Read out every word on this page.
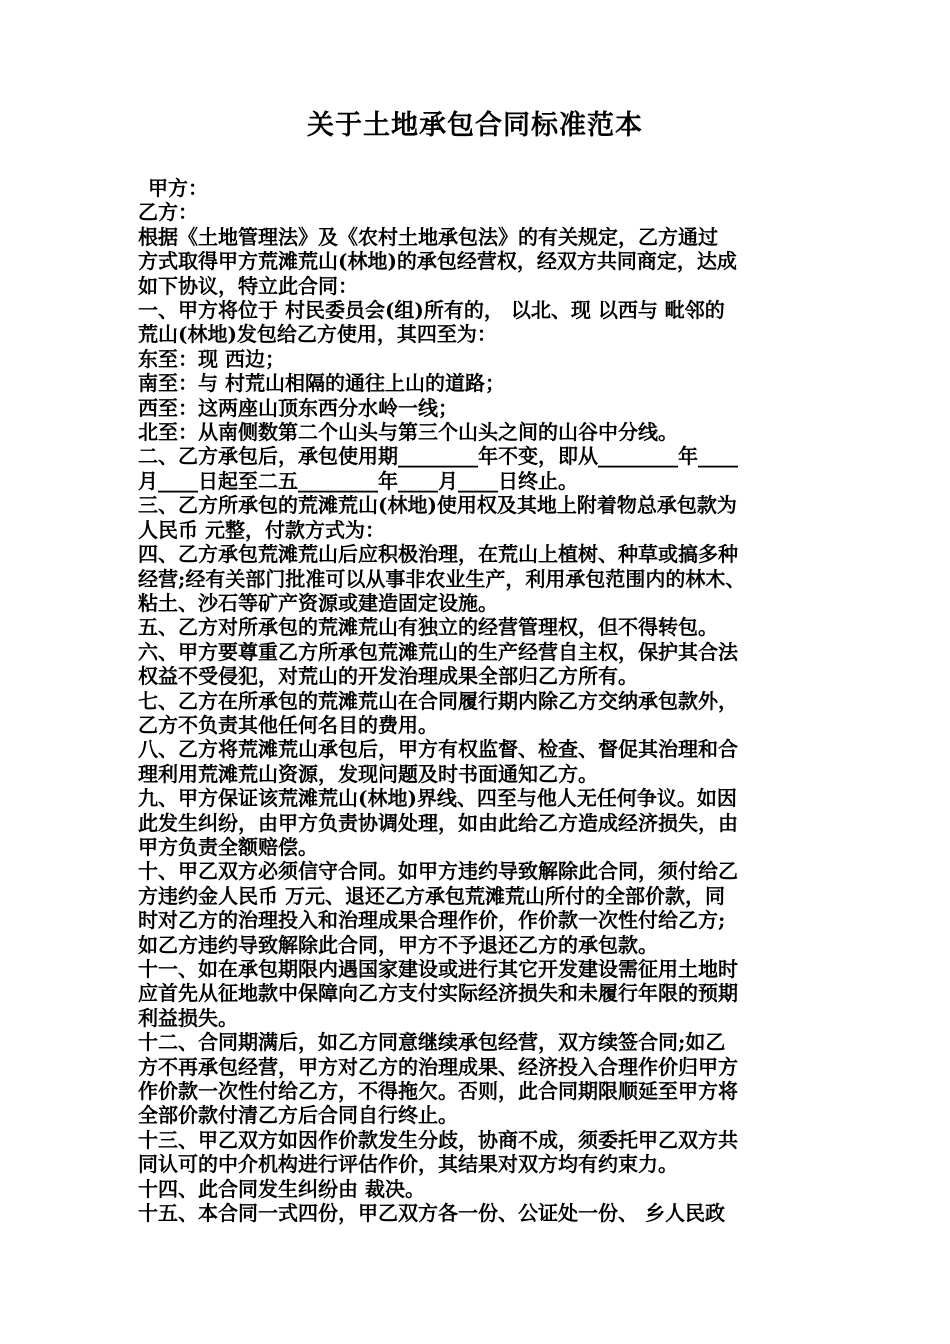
关于土地承包合同标准范本

甲方：

乙方：

根据《土地管理法》及《农村土地承包法》的有关规定，乙方通过

方式取得甲方荒滩荒山(林地)的承包经营权，经双方共同商定，达成

如下协议，特立此合同：

一、甲方将位于 村民委员会(组)所有的， 以北、现 以西与 毗邻的

荒山(林地)发包给乙方使用，其四至为：

东至：现 西边；

南至：与 村荒山相隔的通往上山的道路；

西至：这两座山顶东西分水岭一线；

北至：从南侧数第二个山头与第三个山头之间的山谷中分线。

二、乙方承包后，承包使用期________年不变，即从________年____

月____日起至二五________年____月____日终止。

三、乙方所承包的荒滩荒山(林地)使用权及其地上附着物总承包款为

人民币 元整，付款方式为：

四、乙方承包荒滩荒山后应积极治理，在荒山上植树、种草或搞多种

经营;经有关部门批准可以从事非农业生产，利用承包范围内的林木、

粘土、沙石等矿产资源或建造固定设施。

五、乙方对所承包的荒滩荒山有独立的经营管理权，但不得转包。

六、甲方要尊重乙方所承包荒滩荒山的生产经营自主权，保护其合法

权益不受侵犯，对荒山的开发治理成果全部归乙方所有。

七、乙方在所承包的荒滩荒山在合同履行期内除乙方交纳承包款外，

乙方不负责其他任何名目的费用。

八、乙方将荒滩荒山承包后，甲方有权监督、检查、督促其治理和合

理利用荒滩荒山资源，发现问题及时书面通知乙方。

九、甲方保证该荒滩荒山(林地)界线、四至与他人无任何争议。如因

此发生纠纷，由甲方负责协调处理，如由此给乙方造成经济损失，由

甲方负责全额赔偿。

十、甲乙双方必须信守合同。如甲方违约导致解除此合同，须付给乙

方违约金人民币 万元、退还乙方承包荒滩荒山所付的全部价款，同

时对乙方的治理投入和治理成果合理作价，作价款一次性付给乙方;

如乙方违约导致解除此合同，甲方不予退还乙方的承包款。

十一、如在承包期限内遇国家建设或进行其它开发建设需征用土地时

应首先从征地款中保障向乙方支付实际经济损失和未履行年限的预期

利益损失。

十二、合同期满后，如乙方同意继续承包经营，双方续签合同;如乙

方不再承包经营，甲方对乙方的治理成果、经济投入合理作价归甲方

作价款一次性付给乙方，不得拖欠。否则，此合同期限顺延至甲方将

全部价款付清乙方后合同自行终止。

十三、甲乙双方如因作价款发生分歧，协商不成，须委托甲乙双方共

同认可的中介机构进行评估作价，其结果对双方均有约束力。

十四、此合同发生纠纷由 裁决。

十五、本合同一式四份，甲乙双方各一份、公证处一份、 乡人民政
